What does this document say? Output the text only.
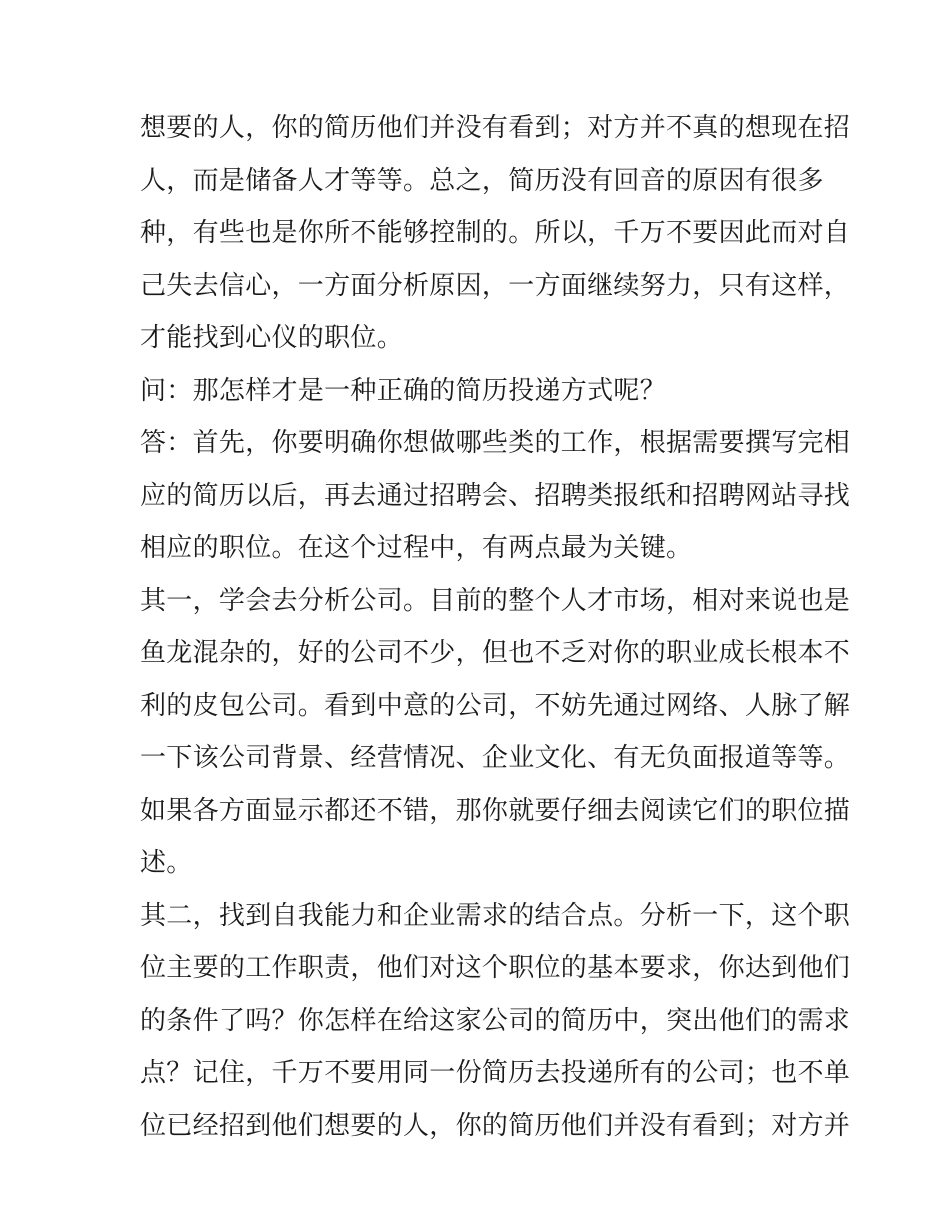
想要的人，你的简历他们并没有看到；对方并不真的想现在招
人，而是储备人才等等。总之，简历没有回音的原因有很多
种，有些也是你所不能够控制的。所以，千万不要因此而对自
己失去信心，一方面分析原因，一方面继续努力，只有这样，
才能找到心仪的职位。
问：那怎样才是一种正确的简历投递方式呢？
答：首先，你要明确你想做哪些类的工作，根据需要撰写完相
应的简历以后，再去通过招聘会、招聘类报纸和招聘网站寻找
相应的职位。在这个过程中，有两点最为关键。
其一，学会去分析公司。目前的整个人才市场，相对来说也是
鱼龙混杂的，好的公司不少，但也不乏对你的职业成长根本不
利的皮包公司。看到中意的公司，不妨先通过网络、人脉了解
一下该公司背景、经营情况、企业文化、有无负面报道等等。
如果各方面显示都还不错，那你就要仔细去阅读它们的职位描
述。
其二，找到自我能力和企业需求的结合点。分析一下，这个职
位主要的工作职责，他们对这个职位的基本要求，你达到他们
的条件了吗？你怎样在给这家公司的简历中，突出他们的需求
点？记住，千万不要用同一份简历去投递所有的公司；也不单
位已经招到他们想要的人，你的简历他们并没有看到；对方并
